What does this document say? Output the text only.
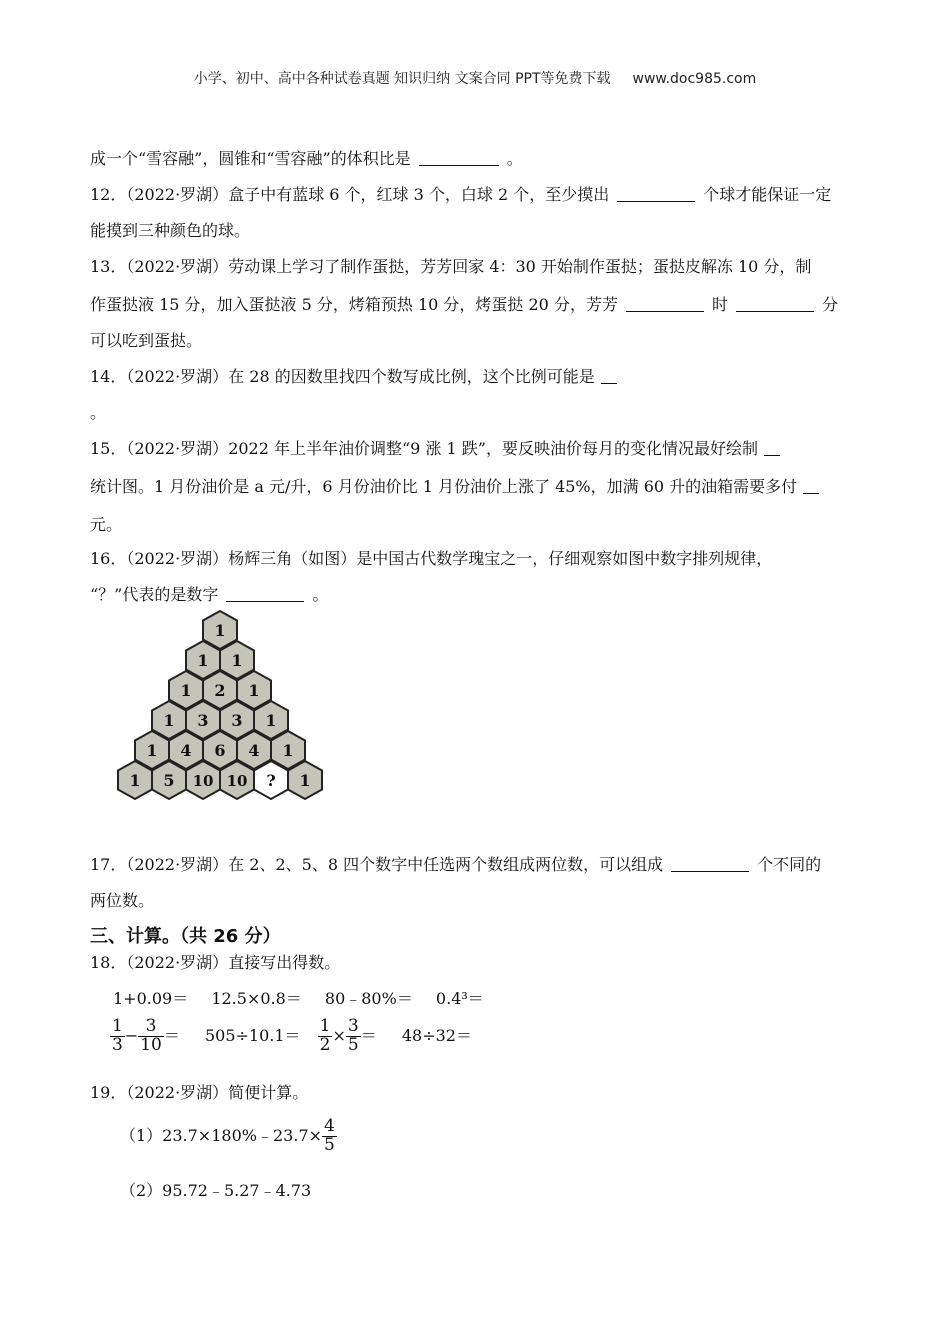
小学、初中、高中各种试卷真题 知识归纳 文案合同 PPT等免费下载 www.doc985.com
成一个“雪容融”，圆锥和“雪容融”的体积比是	。
12．（2022·罗湖）盒子中有蓝球 6 个，红球 3 个，白球 2 个，至少摸出	个球才能保证一定
能摸到三种颜色的球。
13．（2022·罗湖）劳动课上学习了制作蛋挞，芳芳回家 4：30 开始制作蛋挞；蛋挞皮解冻 10 分，制
作蛋挞液 15 分，加入蛋挞液 5 分，烤箱预热 10 分，烤蛋挞 20 分，芳芳	时	分
可以吃到蛋挞。
14．（2022·罗湖）在 28 的因数里找四个数写成比例，这个比例可能是
。
15．（2022·罗湖）2022 年上半年油价调整“9 涨 1 跌”，要反映油价每月的变化情况最好绘制
统计图。1 月份油价是 a 元/升，6 月份油价比 1 月份油价上涨了 45%，加满 60 升的油箱需要多付
元。
16．（2022·罗湖）杨辉三角（如图）是中国古代数学瑰宝之一，仔细观察如图中数字排列规律，
“？”代表的是数字	。
1
1 1
1 2 1
1 3 3 1
1 4 6 4 1
1 5 10 10 ? 1
17．（2022·罗湖）在 2、2、5、8 四个数字中任选两个数组成两位数，可以组成	个不同的
两位数。
三、计算。（共 26 分）
18．（2022·罗湖）直接写出得数。
1+0.09＝ 12.5×0.8＝ 80﹣80%＝ 0.4³＝
$\frac{1}{3} - \frac{3}{10} = 505\div 10.1= \frac{1}{2} \times \frac{3}{5} = 48\div 32=$
19．（2022·罗湖）简便计算。
（1）23.7×180%﹣23.7× $\frac{4}{5}$
（2）95.72﹣5.27﹣4.73
